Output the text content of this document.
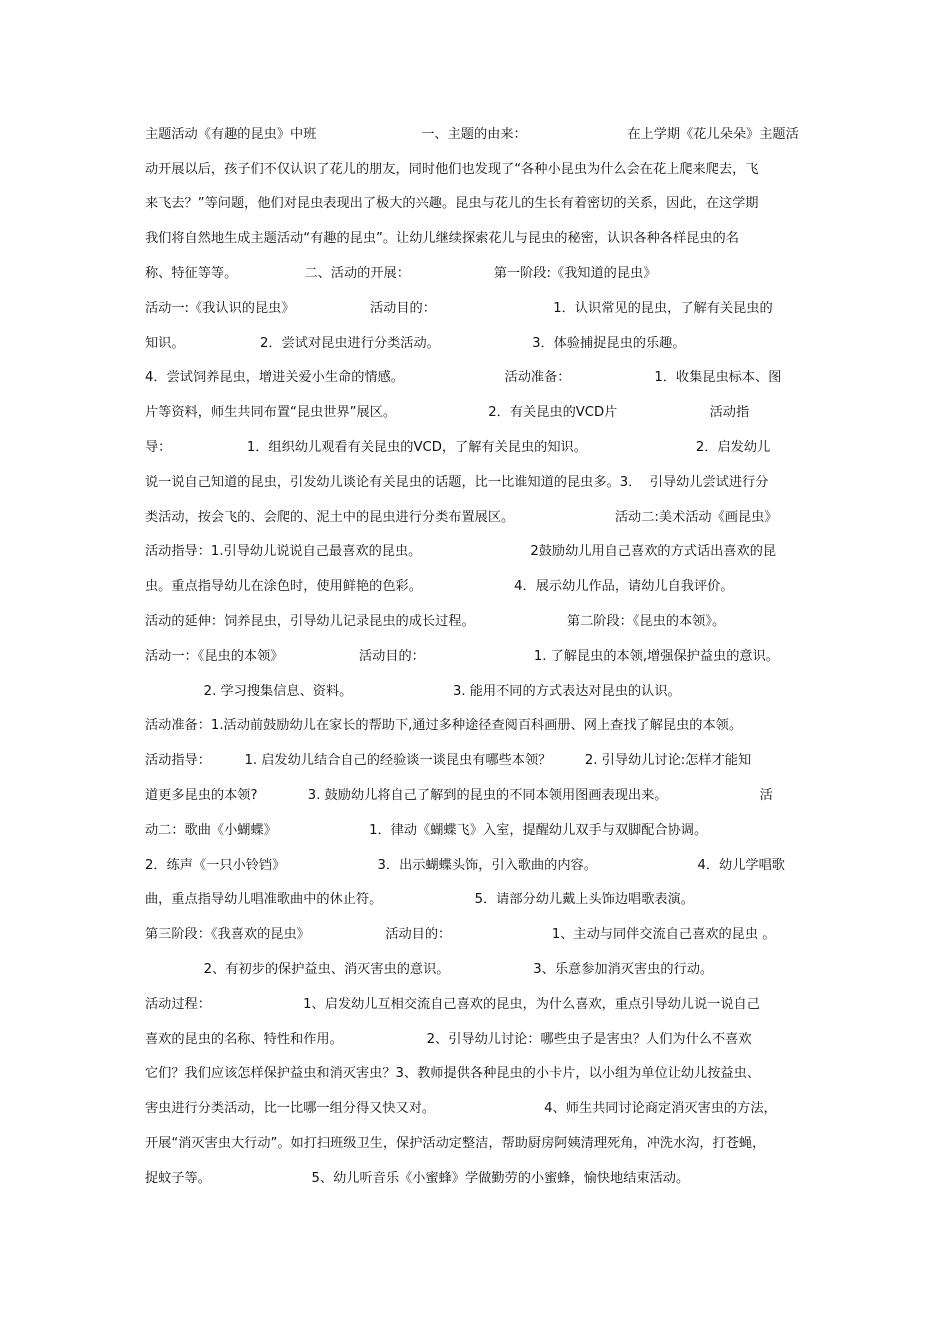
主题活动《有趣的昆虫》中班                         一、主题的由来：                        在上学期《花儿朵朵》主题活
动开展以后，孩子们不仅认识了花儿的朋友，同时他们也发现了“各种小昆虫为什么会在花上爬来爬去，飞
来飞去？”等问题，他们对昆虫表现出了极大的兴趣。昆虫与花儿的生长有着密切的关系，因此，在这学期
我们将自然地生成主题活动“有趣的昆虫”。让幼儿继续探索花儿与昆虫的秘密，认识各种各样昆虫的名
称、特征等等。                二、活动的开展：                    第一阶段:《我知道的昆虫》
活动一:《我认识的昆虫》                  活动目的：                            1．认识常见的昆虫，了解有关昆虫的
知识。                  2．尝试对昆虫进行分类活动。                      3．体验捕捉昆虫的乐趣。
4．尝试饲养昆虫，增进关爱小生命的情感。                        活动准备：                    1．收集昆虫标本、图
片等资料，师生共同布置“昆虫世界”展区。                      2．有关昆虫的VCD片                      活动指
导：                  1．组织幼儿观看有关昆虫的VCD，了解有关昆虫的知识。                          2．启发幼儿
说一说自己知道的昆虫，引发幼儿谈论有关昆虫的话题，比一比谁知道的昆虫多。3．  引导幼儿尝试进行分
类活动，按会飞的、会爬的、泥土中的昆虫进行分类布置展区。                        活动二:美术活动《画昆虫》
活动指导：1.引导幼儿说说自己最喜欢的昆虫。                          2鼓励幼儿用自己喜欢的方式话出喜欢的昆
虫。重点指导幼儿在涂色时，使用鲜艳的色彩。                      4．展示幼儿作品，请幼儿自我评价。
活动的延伸：饲养昆虫，引导幼儿记录昆虫的成长过程。                      第二阶段：《昆虫的本领》。
活动一：《昆虫的本领》                  活动目的：                          1. 了解昆虫的本领,增强保护益虫的意识。
2. 学习搜集信息、资料。                        3. 能用不同的方式表达对昆虫的认识。
活动准备：1.活动前鼓励幼儿在家长的帮助下,通过多种途径查阅百科画册、网上查找了解昆虫的本领。
活动指导：        1. 启发幼儿结合自己的经验谈一谈昆虫有哪些本领？        2. 引导幼儿讨论:怎样才能知
道更多昆虫的本领?            3. 鼓励幼儿将自己了解到的昆虫的不同本领用图画表现出来。                      活
动二：歌曲《小蝴蝶》                      1．律动《蝴蝶飞》入室，提醒幼儿双手与双脚配合协调。
2．练声《一只小铃铛》                      3．出示蝴蝶头饰，引入歌曲的内容。                        4．幼儿学唱歌
曲，重点指导幼儿唱准歌曲中的休止符。                      5．请部分幼儿戴上头饰边唱歌表演。
第三阶段：《我喜欢的昆虫》                  活动目的：                        1、主动与同伴交流自己喜欢的昆虫 。
2、有初步的保护益虫、消灭害虫的意识。                    3、乐意参加消灭害虫的行动。
活动过程：                      1、启发幼儿互相交流自己喜欢的昆虫，为什么喜欢，重点引导幼儿说一说自己
喜欢的昆虫的名称、特性和作用。                    2、引导幼儿讨论：哪些虫子是害虫？人们为什么不喜欢
它们？我们应该怎样保护益虫和消灭害虫？3、教师提供各种昆虫的小卡片，以小组为单位让幼儿按益虫、
害虫进行分类活动，比一比哪一组分得又快又对。                          4、师生共同讨论商定消灭害虫的方法，
开展“消灭害虫大行动”。如打扫班级卫生，保护活动定整洁，帮助厨房阿姨清理死角，冲洗水沟，打苍蝇，
捉蚊子等。                        5、幼儿听音乐《小蜜蜂》学做勤劳的小蜜蜂，愉快地结束活动。
